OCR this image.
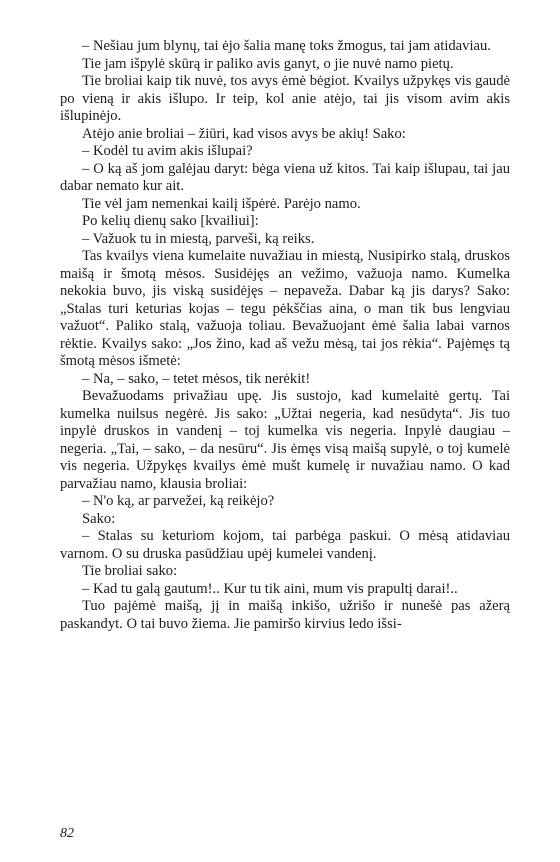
– Nešiau jum blynų, tai ėjo šalia manę toks žmogus, tai jam atidaviau.

Tie jam išpylė skūrą ir paliko avis ganyt, o jie nuvė namo pietų.

Tie broliai kaip tik nuvė, tos avys ėmė bėgiot. Kvailys užpykęs vis gaudė po vieną ir akis išlupo. Ir teip, kol anie atėjo, tai jis visom avim akis išlupinėjo.

Atėjo anie broliai – žiūri, kad visos avys be akių! Sako:

– Kodėl tu avim akis išlupai?

– O ką aš jom galėjau daryt: bėga viena už kitos. Tai kaip išlupau, tai jau dabar nemato kur ait.

Tie vėl jam nemenkai kailį išpėrė. Parėjo namo.

Po kelių dienų sako [kvailiui]:

– Važuok tu in miestą, parveši, ką reiks.

Tas kvailys viena kumelaite nuvažiau in miestą, Nusipirko stalą, druskos maišą ir šmotą mėsos. Susidėjęs an vežimo, važuoja namo. Kumelka nekokia buvo, jis viską susidėjęs – nepaveža. Dabar ką jis darys? Sako: „Stalas turi keturias kojas – tegu pėkščias aina, o man tik bus lengviau važuot“. Paliko stalą, važuoja toliau. Bevažuojant ėmė šalia labai varnos rėktie. Kvailys sako: „Jos žino, kad aš vežu mėsą, tai jos rėkia“. Pajėmęs tą šmotą mėsos išmetė:

– Na, – sako, – tetet mėsos, tik nerėkit!

Bevažuodams privažiau upę. Jis sustojo, kad kumelaitė gertų. Tai kumelka nuilsus negėrė. Jis sako: „Užtai negeria, kad nesūdyta“. Jis tuo inpylė druskos in vandenį – toj kumelka vis negeria. Inpylė daugiau – negeria. „Tai, – sako, – da nesūru“. Jis ėmęs visą maišą supylė, o toj kumelė vis negeria. Užpykęs kvailys ėmė mušt kumelę ir nuvažiau namo. O kad parvažiau namo, klausia broliai:

– N'o ką, ar parvežei, ką reikėjo?

Sako:

– Stalas su keturiom kojom, tai parbėga paskui. O mėsą atidaviau varnom. O su druska pasūdžiau upėj kumelei vandenį.

Tie broliai sako:

– Kad tu galą gautum!.. Kur tu tik aini, mum vis prapultį darai!..

Tuo pajėmė maišą, jį in maišą inkišo, užrišo ir nunešė pas ažerą paskandyt. O tai buvo žiema. Jie pamiršo kirvius ledo išsi-

82
